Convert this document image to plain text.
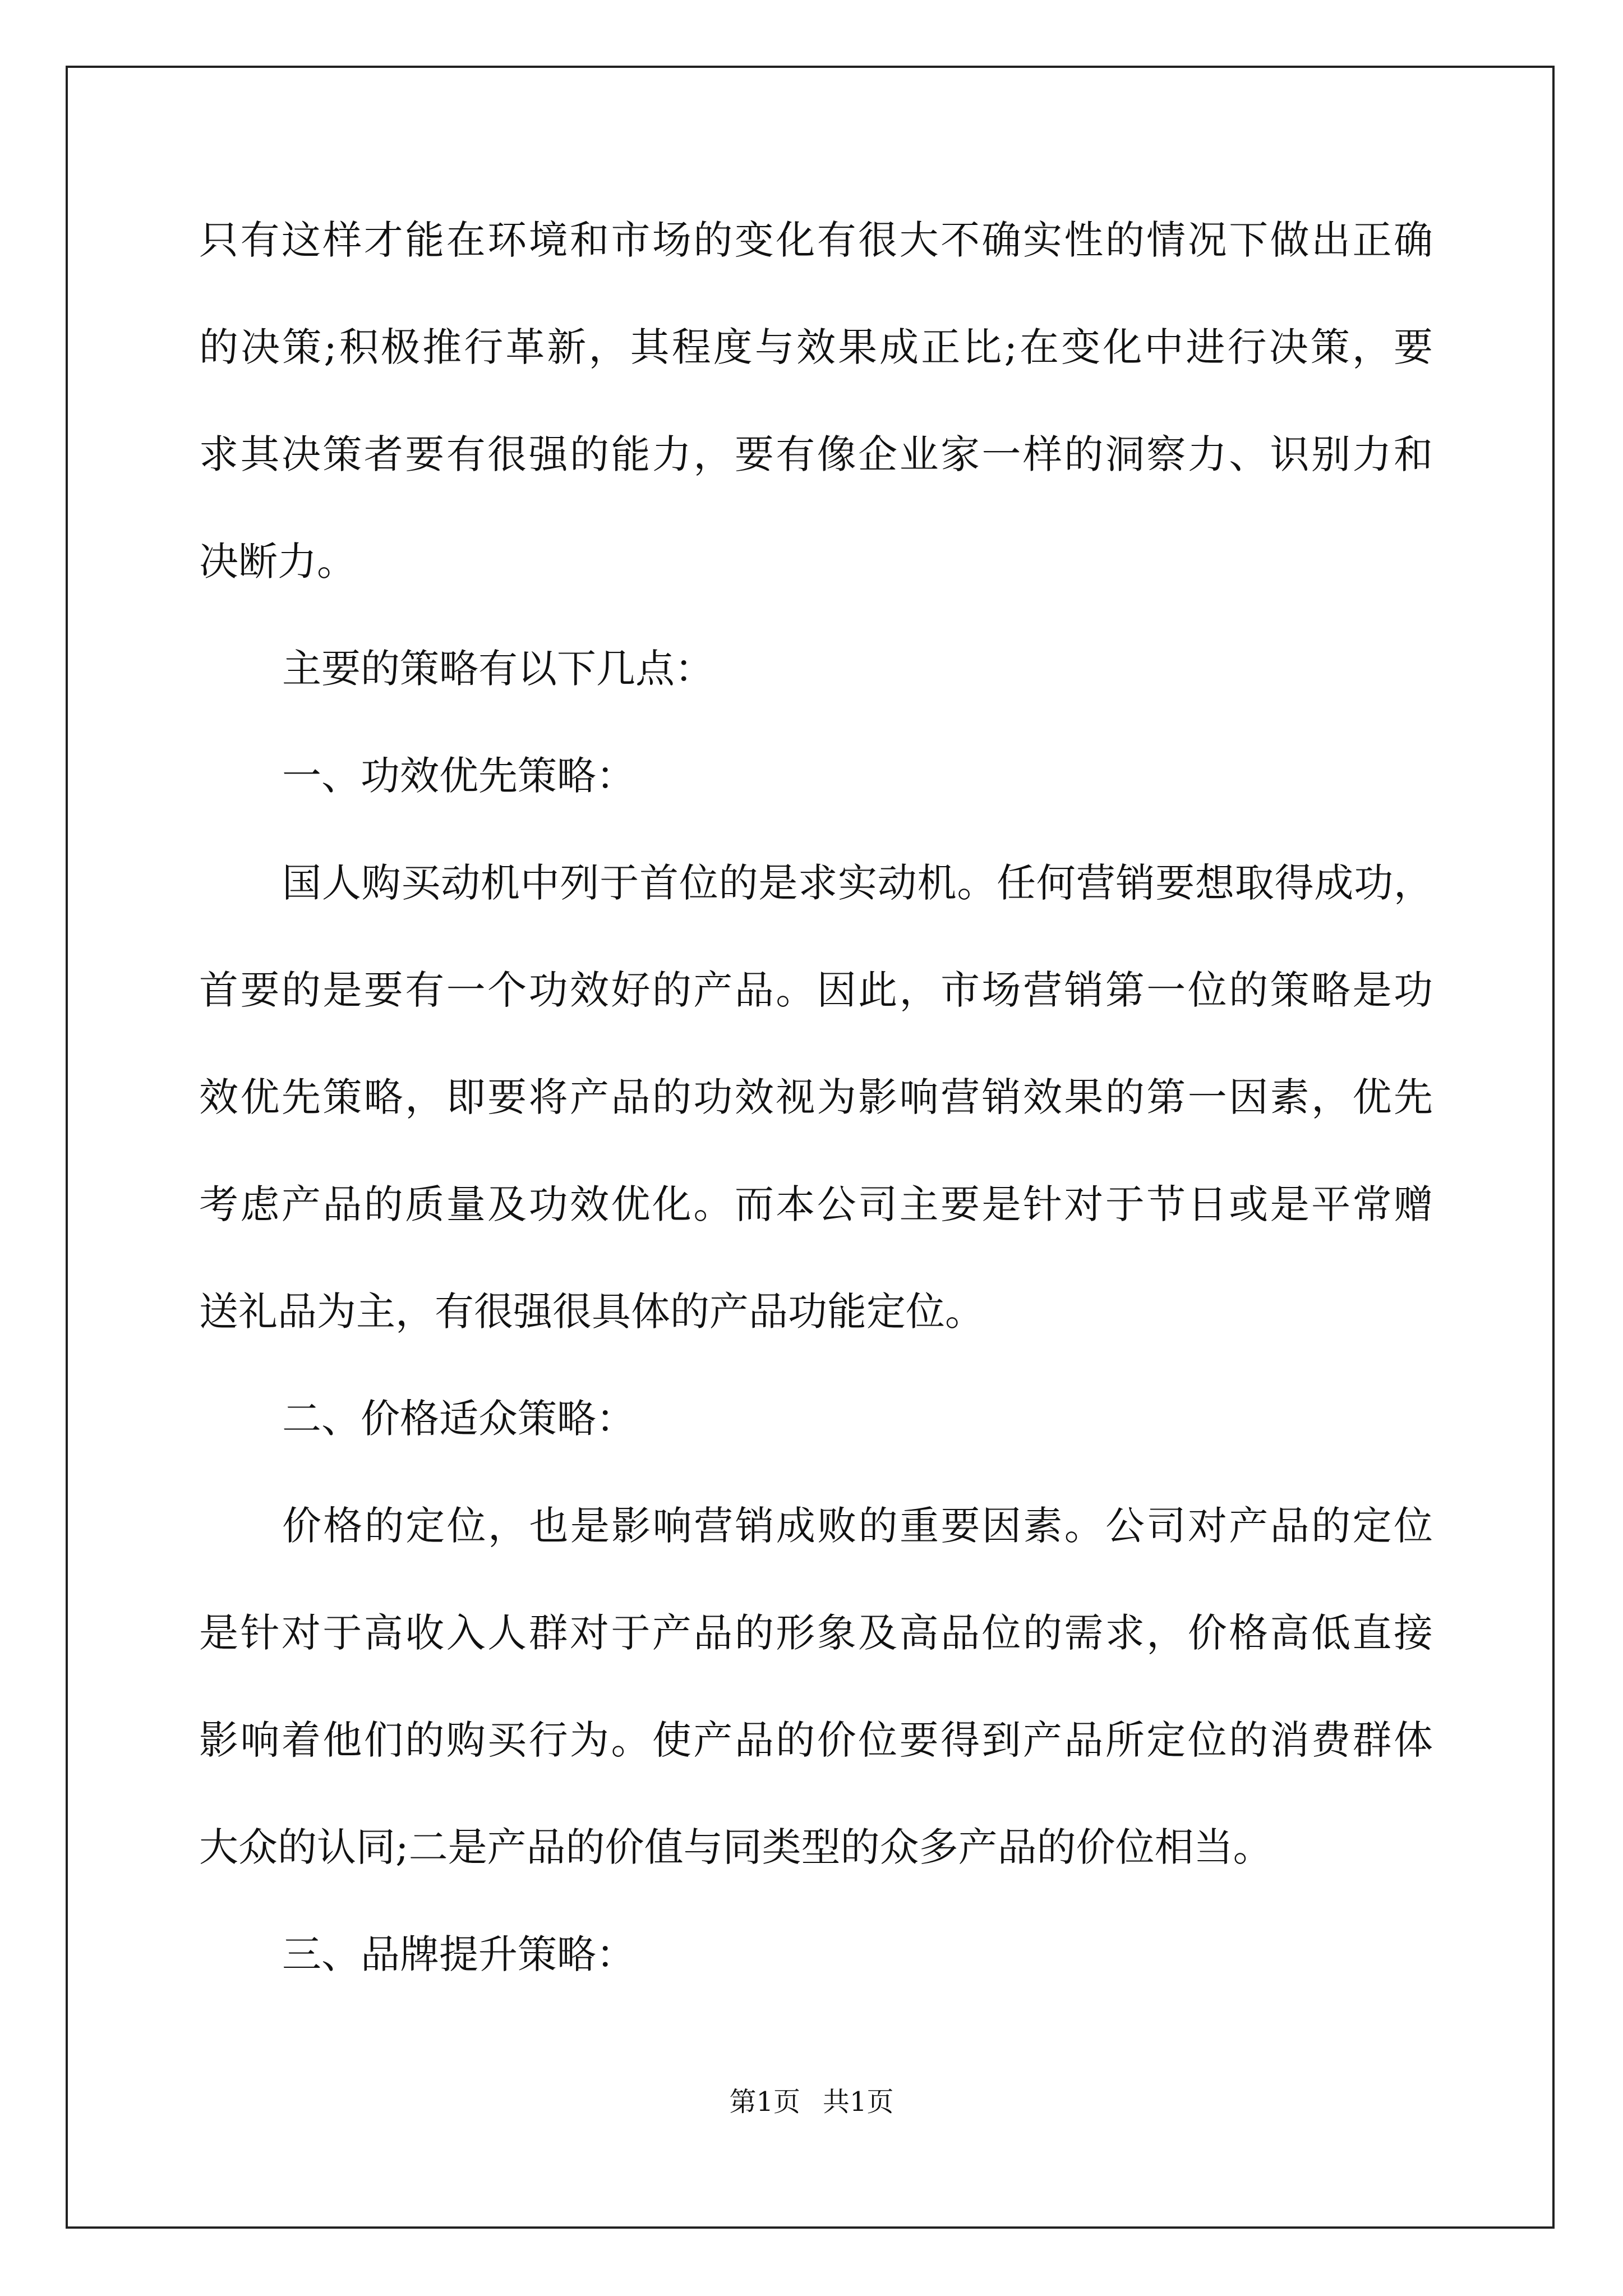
只有这样才能在环境和市场的变化有很大不确实性的情况下做出正确
的决策;积极推行革新，其程度与效果成正比;在变化中进行决策，要
求其决策者要有很强的能力，要有像企业家一样的洞察力、识别力和
决断力。
主要的策略有以下几点：
一、功效优先策略：
国人购买动机中列于首位的是求实动机。任何营销要想取得成功，
首要的是要有一个功效好的产品。因此，市场营销第一位的策略是功
效优先策略，即要将产品的功效视为影响营销效果的第一因素，优先
考虑产品的质量及功效优化。而本公司主要是针对于节日或是平常赠
送礼品为主，有很强很具体的产品功能定位。
二、价格适众策略：
价格的定位，也是影响营销成败的重要因素。公司对产品的定位
是针对于高收入人群对于产品的形象及高品位的需求，价格高低直接
影响着他们的购买行为。使产品的价位要得到产品所定位的消费群体
大众的认同;二是产品的价值与同类型的众多产品的价位相当。
三、品牌提升策略：
第1页 共1页
